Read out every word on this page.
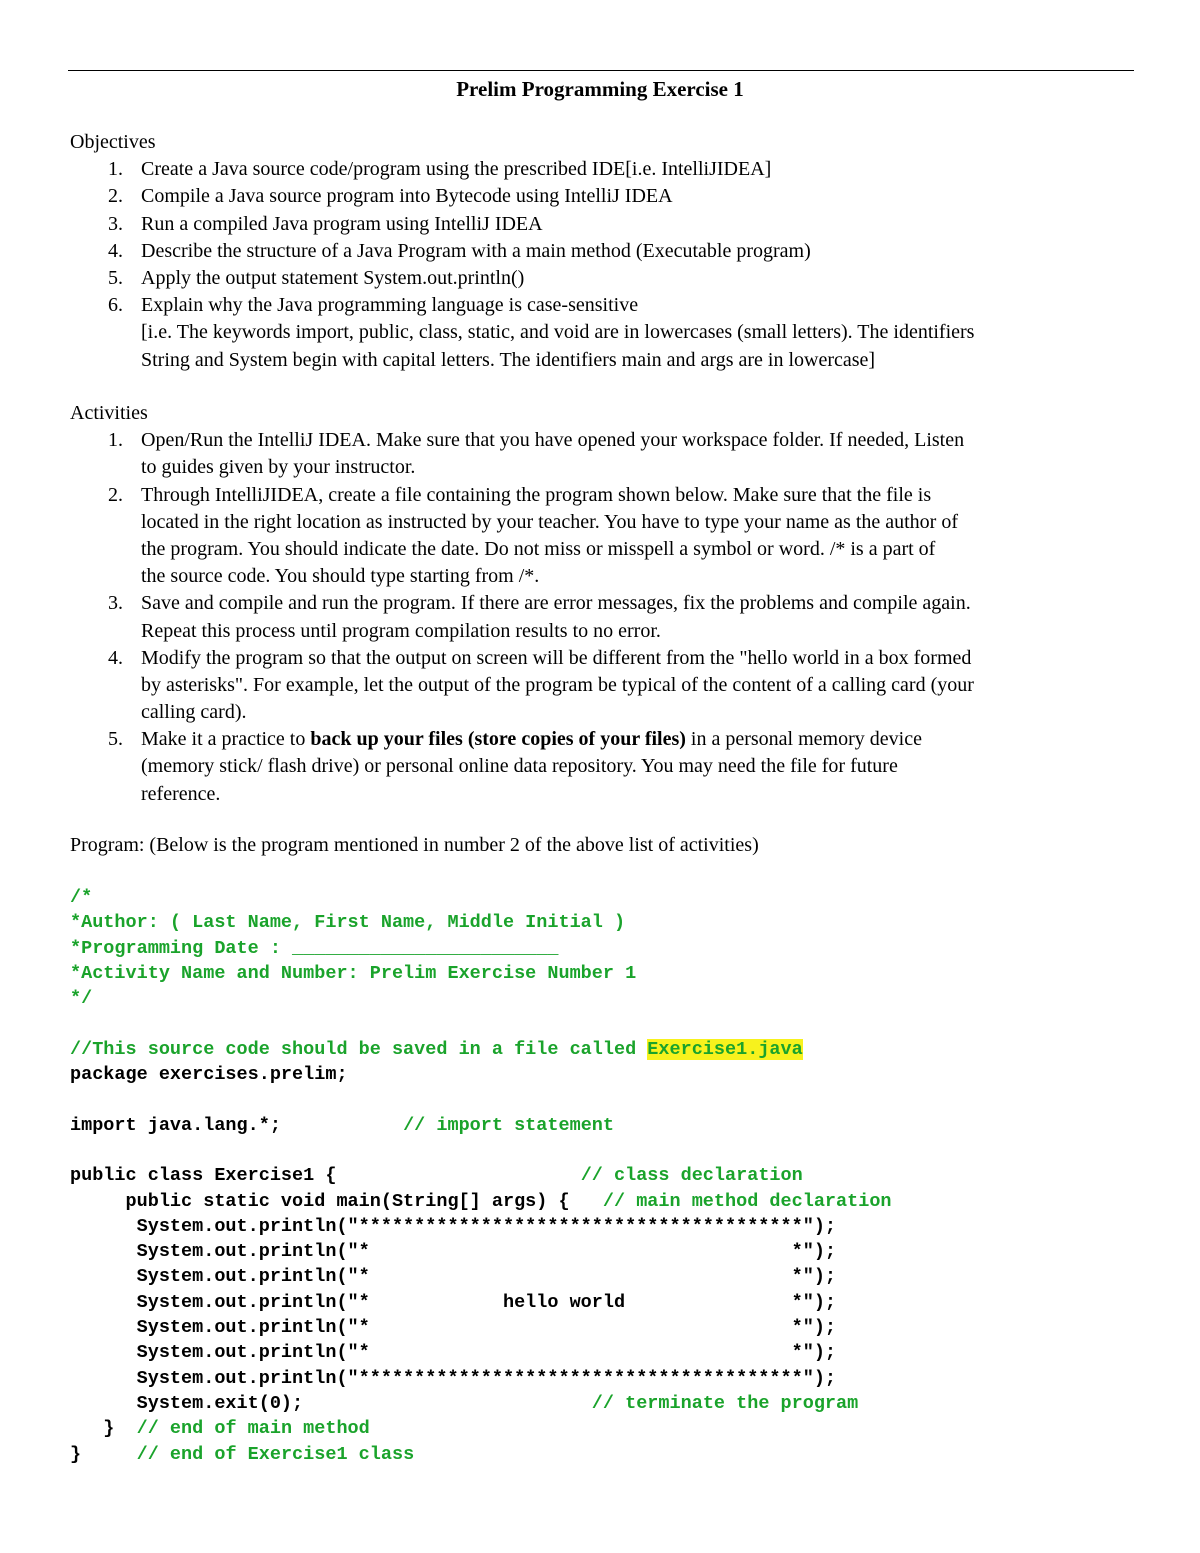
Prelim Programming Exercise 1
Objectives
1. Create a Java source code/program using the prescribed IDE[i.e. IntelliJIDEA]
2. Compile a Java source program into Bytecode using IntelliJ IDEA
3. Run a compiled Java program using IntelliJ IDEA
4. Describe the structure of a Java Program with a main method (Executable program)
5. Apply the output statement System.out.println()
6. Explain why the Java programming language is case-sensitive
[i.e. The keywords import, public, class, static, and void are in lowercases (small letters). The identifiers
String and System begin with capital letters. The identifiers main and args are in lowercase]
Activities
1. Open/Run the IntelliJ IDEA. Make sure that you have opened your workspace folder. If needed, Listen
to guides given by your instructor.
2. Through IntelliJIDEA, create a file containing the program shown below. Make sure that the file is
located in the right location as instructed by your teacher. You have to type your name as the author of
the program. You should indicate the date. Do not miss or misspell a symbol or word. /* is a part of
the source code. You should type starting from /*.
3. Save and compile and run the program. If there are error messages, fix the problems and compile again.
Repeat this process until program compilation results to no error.
4. Modify the program so that the output on screen will be different from the "hello world in a box formed
by asterisks". For example, let the output of the program be typical of the content of a calling card (your
calling card).
5. Make it a practice to back up your files (store copies of your files) in a personal memory device
(memory stick/ flash drive) or personal online data repository. You may need the file for future
reference.
Program: (Below is the program mentioned in number 2 of the above list of activities)
/*
*Author: ( Last Name, First Name, Middle Initial )
*Programming Date : ________________________
*Activity Name and Number: Prelim Exercise Number 1
*/
//This source code should be saved in a file called Exercise1.java
package exercises.prelim;
import java.lang.*;           // import statement
public class Exercise1 {                      // class declaration
public static void main(String[] args) {   // main method declaration
System.out.println("****************************************");
System.out.println("*                                      *");
System.out.println("*                                      *");
System.out.println("*            hello world               *");
System.out.println("*                                      *");
System.out.println("*                                      *");
System.out.println("****************************************");
System.exit(0);                          // terminate the program
}  // end of main method
}     // end of Exercise1 class
